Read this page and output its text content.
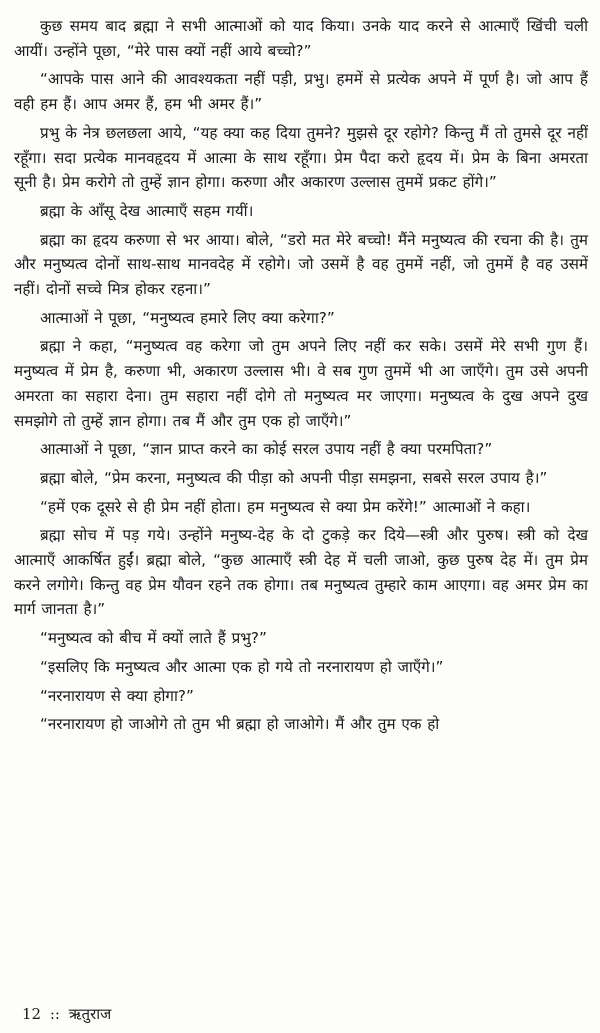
कुछ समय बाद ब्रह्मा ने सभी आत्माओं को याद किया। उनके याद करने से आत्माएँ खिंची चली आयीं। उन्होंने पूछा, “मेरे पास क्यों नहीं आये बच्चो?”

“आपके पास आने की आवश्यकता नहीं पड़ी, प्रभु। हममें से प्रत्येक अपने में पूर्ण है। जो आप हैं वही हम हैं। आप अमर हैं, हम भी अमर हैं।”

प्रभु के नेत्र छलछला आये, “यह क्या कह दिया तुमने? मुझसे दूर रहोगे? किन्तु मैं तो तुमसे दूर नहीं रहूँगा। सदा प्रत्येक मानवहृदय में आत्मा के साथ रहूँगा। प्रेम पैदा करो हृदय में। प्रेम के बिना अमरता सूनी है। प्रेम करोगे तो तुम्हें ज्ञान होगा। करुणा और अकारण उल्लास तुममें प्रकट होंगे।”

ब्रह्मा के आँसू देख आत्माएँ सहम गयीं।

ब्रह्मा का हृदय करुणा से भर आया। बोले, “डरो मत मेरे बच्चो! मैंने मनुष्यत्व की रचना की है। तुम और मनुष्यत्व दोनों साथ-साथ मानवदेह में रहोगे। जो उसमें है वह तुममें नहीं, जो तुममें है वह उसमें नहीं। दोनों सच्चे मित्र होकर रहना।”

आत्माओं ने पूछा, “मनुष्यत्व हमारे लिए क्या करेगा?”

ब्रह्मा ने कहा, “मनुष्यत्व वह करेगा जो तुम अपने लिए नहीं कर सके। उसमें मेरे सभी गुण हैं। मनुष्यत्व में प्रेम है, करुणा भी, अकारण उल्लास भी। वे सब गुण तुममें भी आ जाएँगे। तुम उसे अपनी अमरता का सहारा देना। तुम सहारा नहीं दोगे तो मनुष्यत्व मर जाएगा। मनुष्यत्व के दुख अपने दुख समझोगे तो तुम्हें ज्ञान होगा। तब मैं और तुम एक हो जाएँगे।”

आत्माओं ने पूछा, “ज्ञान प्राप्त करने का कोई सरल उपाय नहीं है क्या परमपिता?”

ब्रह्मा बोले, “प्रेम करना, मनुष्यत्व की पीड़ा को अपनी पीड़ा समझना, सबसे सरल उपाय है।”

“हमें एक दूसरे से ही प्रेम नहीं होता। हम मनुष्यत्व से क्या प्रेम करेंगे!” आत्माओं ने कहा।

ब्रह्मा सोच में पड़ गये। उन्होंने मनुष्य-देह के दो टुकड़े कर दिये—स्त्री और पुरुष। स्त्री को देख आत्माएँ आकर्षित हुईं। ब्रह्मा बोले, “कुछ आत्माएँ स्त्री देह में चली जाओ, कुछ पुरुष देह में। तुम प्रेम करने लगोगे। किन्तु वह प्रेम यौवन रहने तक होगा। तब मनुष्यत्व तुम्हारे काम आएगा। वह अमर प्रेम का मार्ग जानता है।”

“मनुष्यत्व को बीच में क्यों लाते हैं प्रभु?”

“इसलिए कि मनुष्यत्व और आत्मा एक हो गये तो नरनारायण हो जाएँगे।”

“नरनारायण से क्या होगा?”

“नरनारायण हो जाओगे तो तुम भी ब्रह्मा हो जाओगे। मैं और तुम एक हो

12 :: ऋतुराज
